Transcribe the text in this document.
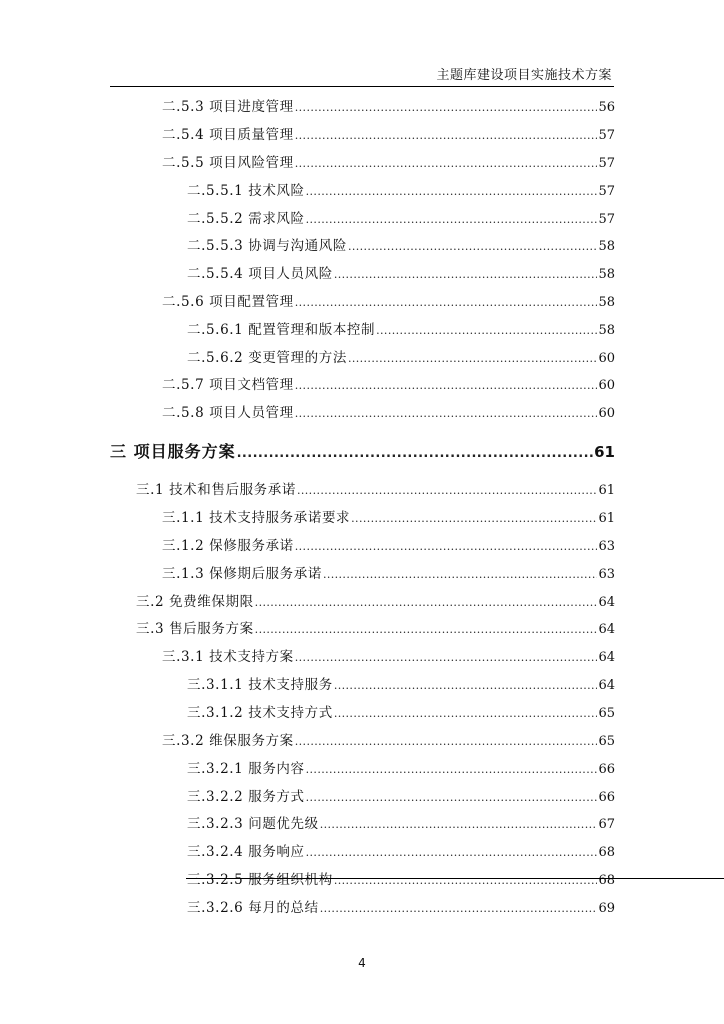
主题库建设项目实施技术方案
二.5.3 项目进度管理 .....	56
二.5.4 项目质量管理 .....	57
二.5.5 项目风险管理 .....	57
二.5.5.1 技术风险 .....	57
二.5.5.2 需求风险 .....	57
二.5.5.3 协调与沟通风险 .....	58
二.5.5.4 项目人员风险 .....	58
二.5.6 项目配置管理 .....	58
二.5.6.1 配置管理和版本控制 .....	58
二.5.6.2 变更管理的方法 .....	60
二.5.7 项目文档管理 .....	60
二.5.8 项目人员管理 .....	60
三 项目服务方案 .....	61
三.1 技术和售后服务承诺 .....	61
三.1.1 技术支持服务承诺要求 .....	61
三.1.2 保修服务承诺 .....	63
三.1.3 保修期后服务承诺 .....	63
三.2 免费维保期限 .....	64
三.3 售后服务方案 .....	64
三.3.1 技术支持方案 .....	64
三.3.1.1 技术支持服务 .....	64
三.3.1.2 技术支持方式 .....	65
三.3.2 维保服务方案 .....	65
三.3.2.1 服务内容 .....	66
三.3.2.2 服务方式 .....	66
三.3.2.3 问题优先级 .....	67
三.3.2.4 服务响应 .....	68
三.3.2.5 服务组织机构 .....	68
三.3.2.6 每月的总结 .....	69
4
